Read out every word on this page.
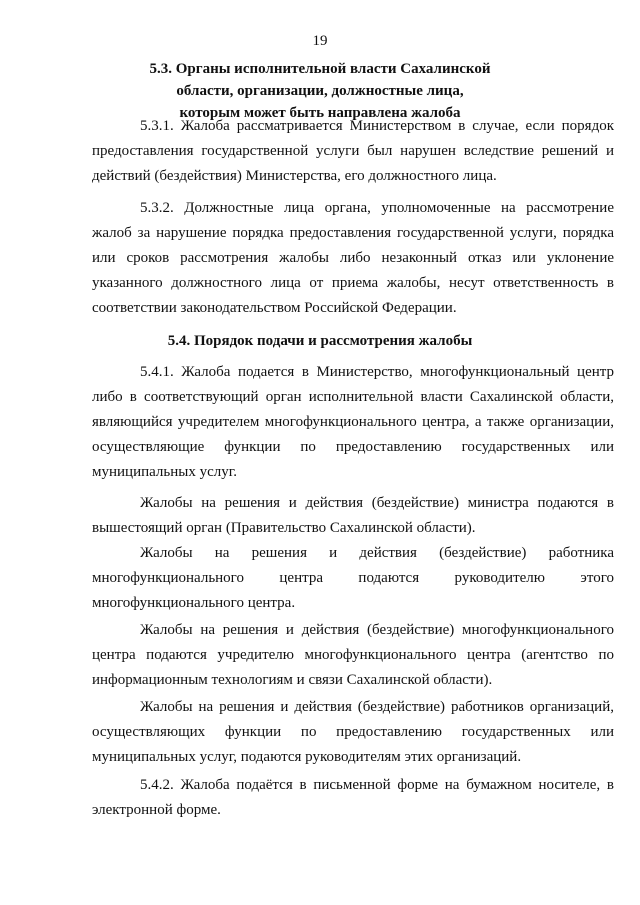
19
5.3. Органы исполнительной власти Сахалинской
области, организации, должностные лица,
которым может быть направлена жалоба

5.3.1. Жалоба рассматривается Министерством в случае, если порядок предоставления государственной услуги был нарушен вследствие решений и действий (бездействия) Министерства, его должностного лица.

5.3.2. Должностные лица органа, уполномоченные на рассмотрение жалоб за нарушение порядка предоставления государственной услуги, порядка или сроков рассмотрения жалобы либо незаконный отказ или уклонение указанного должностного лица от приема жалобы, несут ответственность в соответствии законодательством Российской Федерации.

5.4. Порядок подачи и рассмотрения жалобы

5.4.1. Жалоба подается в Министерство, многофункциональный центр либо в соответствующий орган исполнительной власти Сахалинской области, являющийся учредителем многофункционального центра, а также организации, осуществляющие функции по предоставлению государственных или муниципальных услуг.

Жалобы на решения и действия (бездействие) министра подаются в вышестоящий орган (Правительство Сахалинской области).

Жалобы на решения и действия (бездействие) работника многофункционального центра подаются руководителю этого многофункционального центра.

Жалобы на решения и действия (бездействие) многофункционального центра подаются учредителю многофункционального центра (агентство по информационным технологиям и связи Сахалинской области).

Жалобы на решения и действия (бездействие) работников организаций, осуществляющих функции по предоставлению государственных или муниципальных услуг, подаются руководителям этих организаций.

5.4.2. Жалоба подаётся в письменной форме на бумажном носителе, в электронной форме.
